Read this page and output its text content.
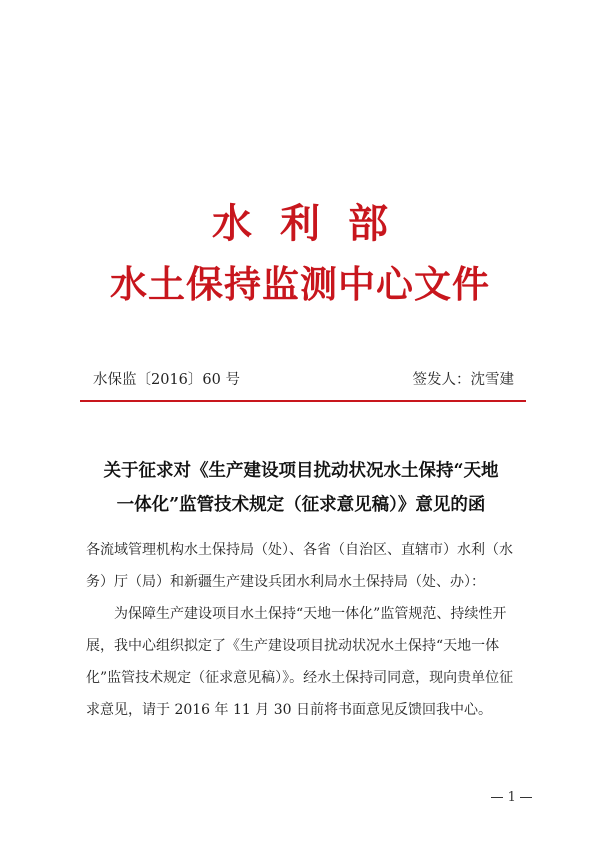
水利部
水土保持监测中心文件
水保监〔2016〕60 号	签发人：沈雪建
关于征求对《生产建设项目扰动状况水土保持“天地
一体化”监管技术规定（征求意见稿）》意见的函

各流域管理机构水土保持局（处）、各省（自治区、直辖市）水利（水务）厅（局）和新疆生产建设兵团水利局水土保持局（处、办）：

为保障生产建设项目水土保持“天地一体化”监管规范、持续性开展，我中心组织拟定了《生产建设项目扰动状况水土保持“天地一体化”监管技术规定（征求意见稿）》。经水土保持司同意，现向贵单位征求意见，请于 2016 年 11 月 30 日前将书面意见反馈回我中心。

1
